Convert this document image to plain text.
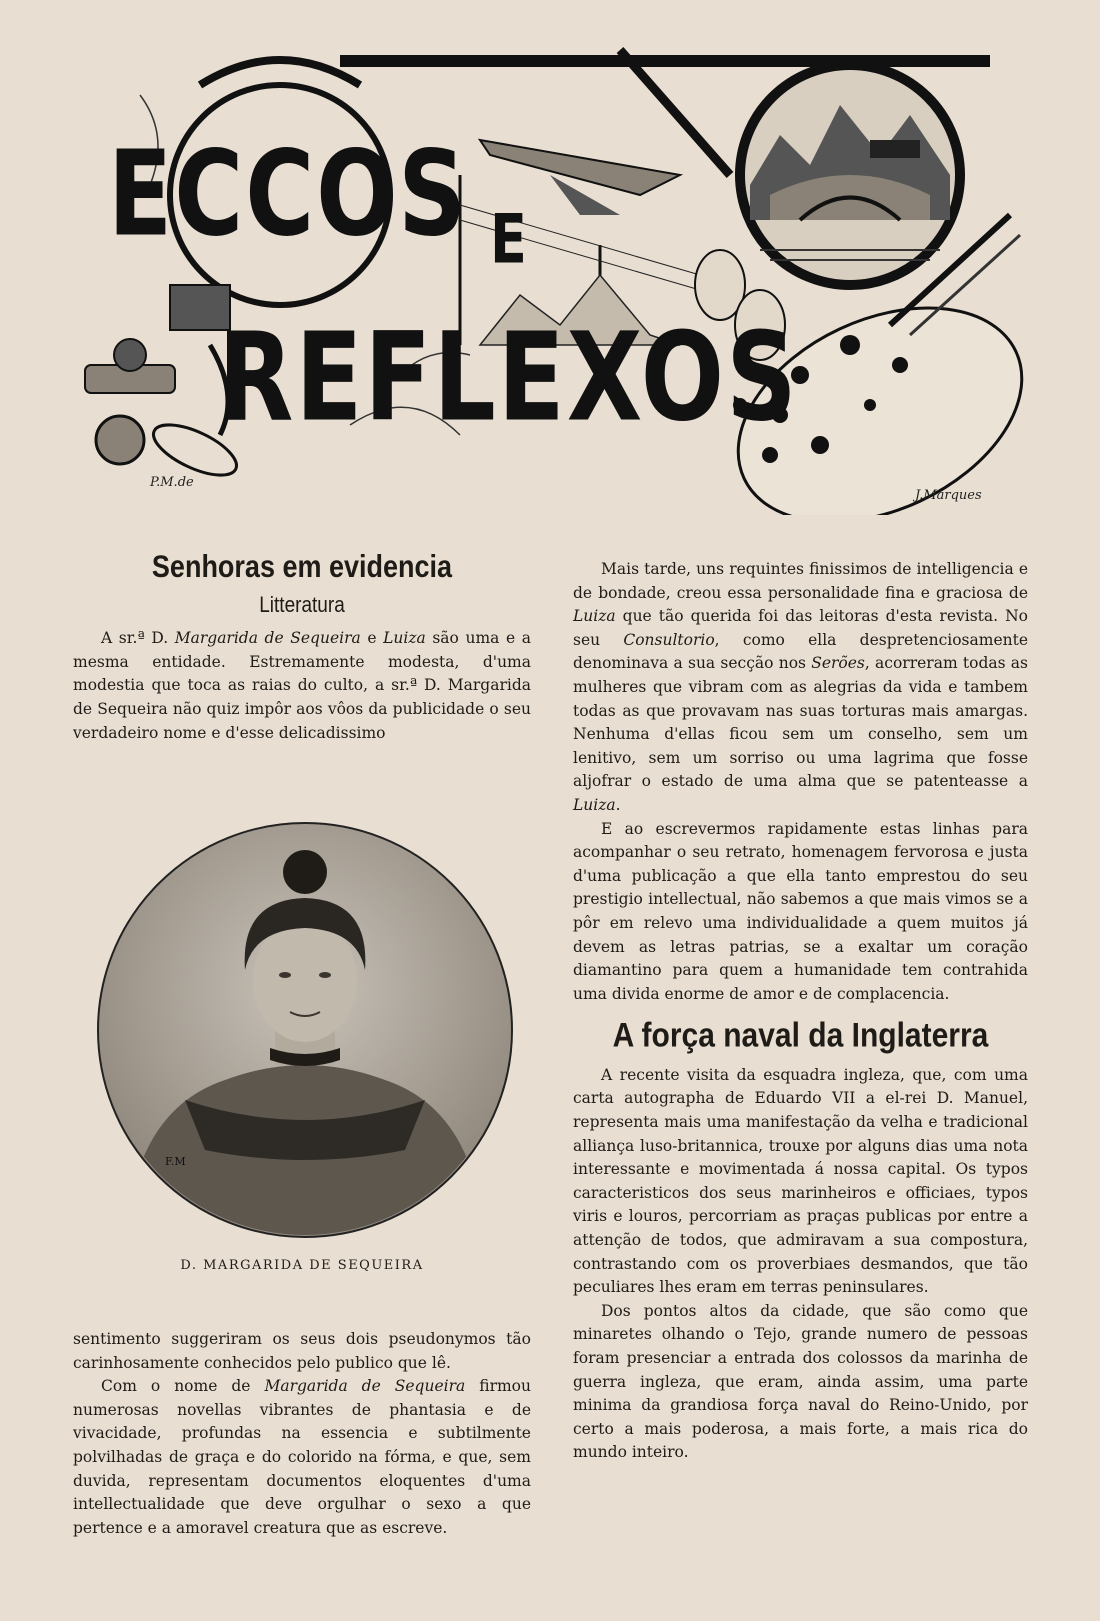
ECCOS E
REFLEXOS
P.M.de
J.Marques
Senhoras em evidencia
Litteratura

A sr.ª D. Margarida de Sequeira e Luiza são uma e a mesma entidade. Estremamente modesta, d'uma modestia que toca as raias do culto, a sr.ª D. Margarida de Sequeira não quiz impôr aos vôos da publicidade o seu verdadeiro nome e d'esse delicadissimo

F.M
D. MARGARIDA DE SEQUEIRA

sentimento suggeriram os seus dois pseudonymos tão carinhosamente conhecidos pelo publico que lê.

Com o nome de Margarida de Sequeira firmou numerosas novellas vibrantes de phantasia e de vivacidade, profundas na essencia e subtilmente polvilhadas de graça e do colorido na fórma, e que, sem duvida, representam documentos eloquentes d'uma intellectualidade que deve orgulhar o sexo a que pertence e a amoravel creatura que as escreve.

Mais tarde, uns requintes finissimos de intelligencia e de bondade, creou essa personalidade fina e graciosa de Luiza que tão querida foi das leitoras d'esta revista. No seu Consultorio, como ella despretenciosamente denominava a sua secção nos Serões, acorreram todas as mulheres que vibram com as alegrias da vida e tambem todas as que provavam nas suas torturas mais amargas. Nenhuma d'ellas ficou sem um conselho, sem um lenitivo, sem um sorriso ou uma lagrima que fosse aljofrar o estado de uma alma que se patenteasse a Luiza.

E ao escrevermos rapidamente estas linhas para acompanhar o seu retrato, homenagem fervorosa e justa d'uma publicação a que ella tanto emprestou do seu prestigio intellectual, não sabemos a que mais vimos se a pôr em relevo uma individualidade a quem muitos já devem as letras patrias, se a exaltar um coração diamantino para quem a humanidade tem contrahida uma divida enorme de amor e de complacencia.

A força naval da Inglaterra

A recente visita da esquadra ingleza, que, com uma carta autographa de Eduardo VII a el-rei D. Manuel, representa mais uma manifestação da velha e tradicional alliança luso-britannica, trouxe por alguns dias uma nota interessante e movimentada á nossa capital. Os typos caracteristicos dos seus marinheiros e officiaes, typos viris e louros, percorriam as praças publicas por entre a attenção de todos, que admiravam a sua compostura, contrastando com os proverbiaes desmandos, que tão peculiares lhes eram em terras peninsulares.

Dos pontos altos da cidade, que são como que minaretes olhando o Tejo, grande numero de pessoas foram presenciar a entrada dos colossos da marinha de guerra ingleza, que eram, ainda assim, uma parte minima da grandiosa força naval do Reino-Unido, por certo a mais poderosa, a mais forte, a mais rica do mundo inteiro.
